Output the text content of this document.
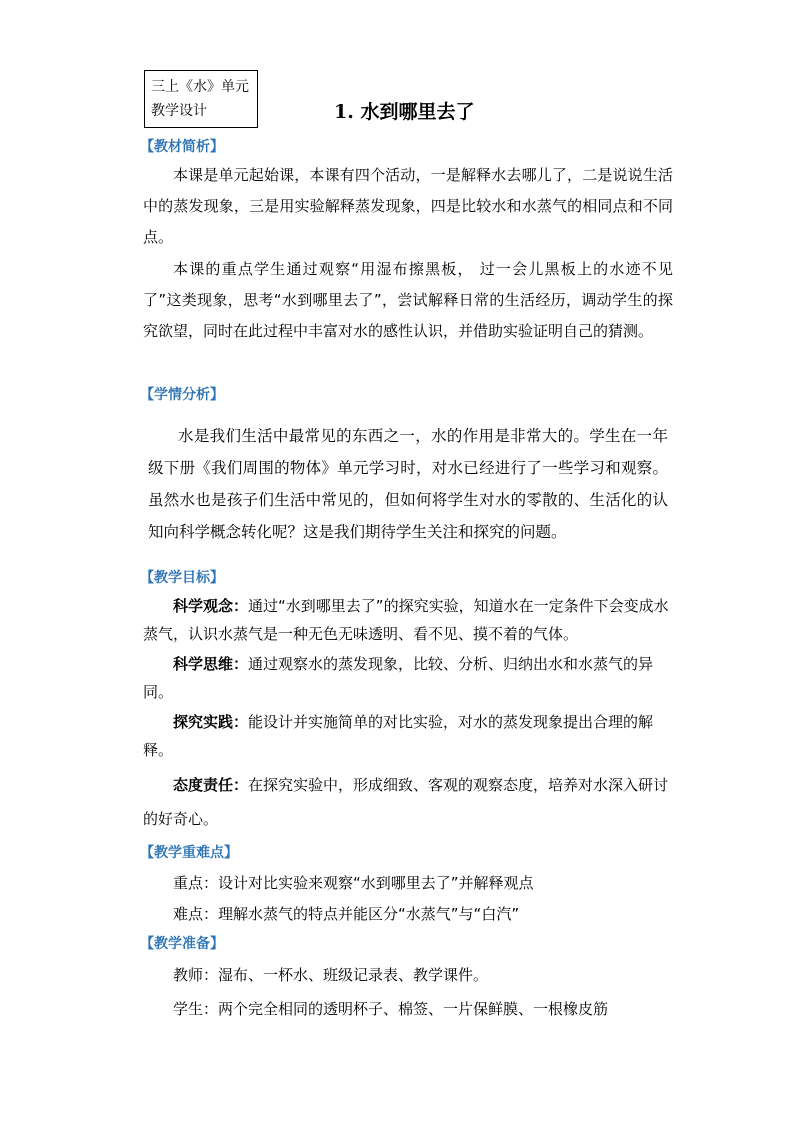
三上《水》单元教学设计	1. 水到哪里去了
【教材简析】

本课是单元起始课，本课有四个活动，一是解释水去哪儿了，二是说说生活中的蒸发现象，三是用实验解释蒸发现象，四是比较水和水蒸气的相同点和不同点。

本课的重点学生通过观察“用湿布擦黑板， 过一会儿黑板上的水迹不见了”这类现象，思考“水到哪里去了”，尝试解释日常的生活经历，调动学生的探究欲望，同时在此过程中丰富对水的感性认识，并借助实验证明自己的猜测。

【学情分析】

水是我们生活中最常见的东西之一，水的作用是非常大的。学生在一年级下册《我们周围的物体》单元学习时，对水已经进行了一些学习和观察。虽然水也是孩子们生活中常见的，但如何将学生对水的零散的、生活化的认知向科学概念转化呢？这是我们期待学生关注和探究的问题。

【教学目标】

科学观念：通过“水到哪里去了”的探究实验，知道水在一定条件下会变成水蒸气，认识水蒸气是一种无色无味透明、看不见、摸不着的气体。

科学思维：通过观察水的蒸发现象，比较、分析、归纳出水和水蒸气的异同。

探究实践：能设计并实施简单的对比实验，对水的蒸发现象提出合理的解释。

态度责任：在探究实验中，形成细致、客观的观察态度，培养对水深入研讨的好奇心。

【教学重难点】

重点：设计对比实验来观察“水到哪里去了”并解释观点

难点：理解水蒸气的特点并能区分“水蒸气”与“白汽”

【教学准备】

教师：湿布、一杯水、班级记录表、教学课件。

学生：两个完全相同的透明杯子、棉签、一片保鲜膜、一根橡皮筋
